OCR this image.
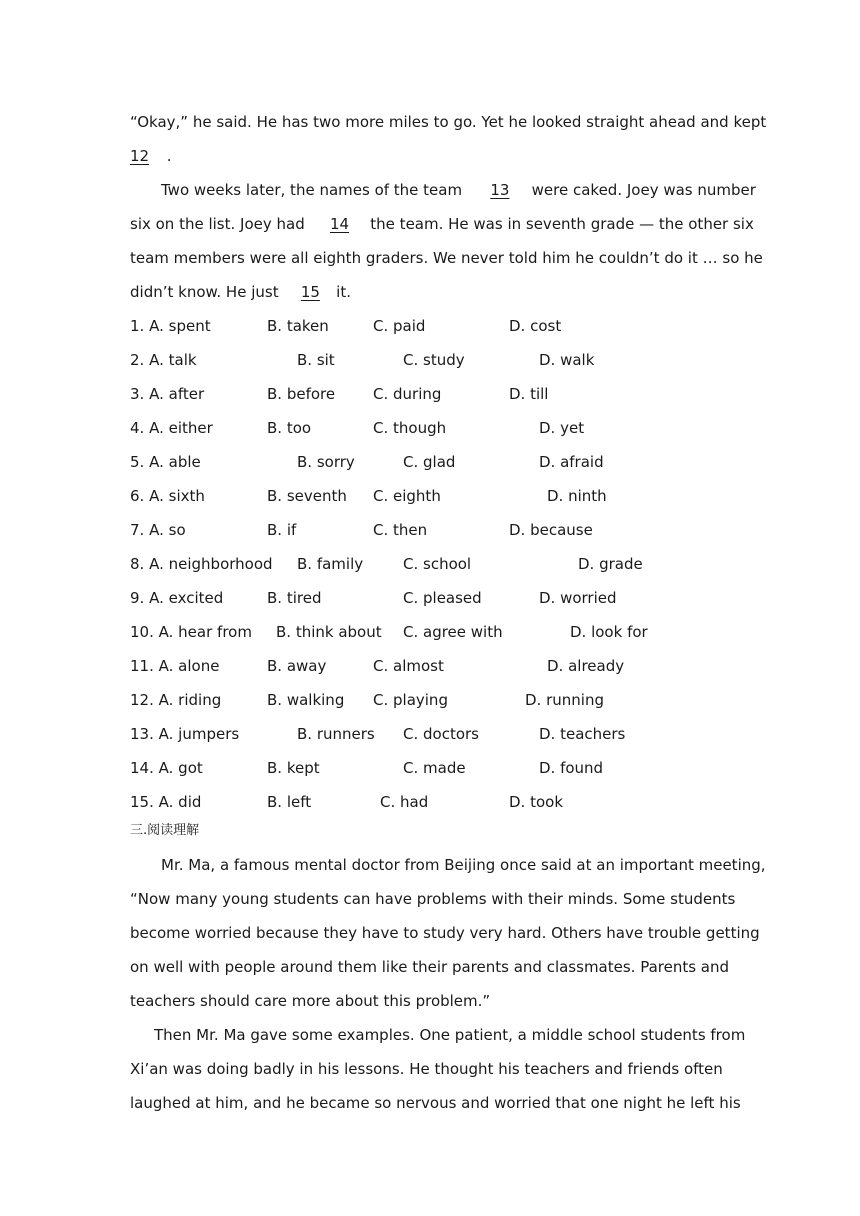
“Okay,” he said. He has two more miles to go. Yet he looked straight ahead and kept
12 .
Two weeks later, the names of the team 13 were caked. Joey was number
six on the list. Joey had 14 the team. He was in seventh grade — the other six
team members were all eighth graders. We never told him he couldn’t do it … so he
didn’t know. He just 15 it.
1. A. spent	B. taken	C. paid	D. cost
2. A. talk	B. sit	C. study	D. walk
3. A. after	B. before	C. during	D. till
4. A. either	B. too	C. though	D. yet
5. A. able	B. sorry	C. glad	D. afraid
6. A. sixth	B. seventh C. eighth	D. ninth
7. A. so	B. if	C. then	D. because
8. A. neighborhood B. family	C. school	D. grade
9. A. excited	B. tired	C. pleased	D. worried
10. A. hear from B. think about C. agree with	D. look for
11. A. alone	B. away	C. almost	D. already
12. A. riding	B. walking C. playing	D. running
13. A. jumpers	B. runners C. doctors	D. teachers
14. A. got	B. kept	C. made	D. found
15. A. did	B. left	C. had	D. took
三.阅读理解
Mr. Ma, a famous mental doctor from Beijing once said at an important meeting,
“Now many young students can have problems with their minds. Some students
become worried because they have to study very hard. Others have trouble getting
on well with people around them like their parents and classmates. Parents and
teachers should care more about this problem.”
Then Mr. Ma gave some examples. One patient, a middle school students from
Xi’an was doing badly in his lessons. He thought his teachers and friends often
laughed at him, and he became so nervous and worried that one night he left his
